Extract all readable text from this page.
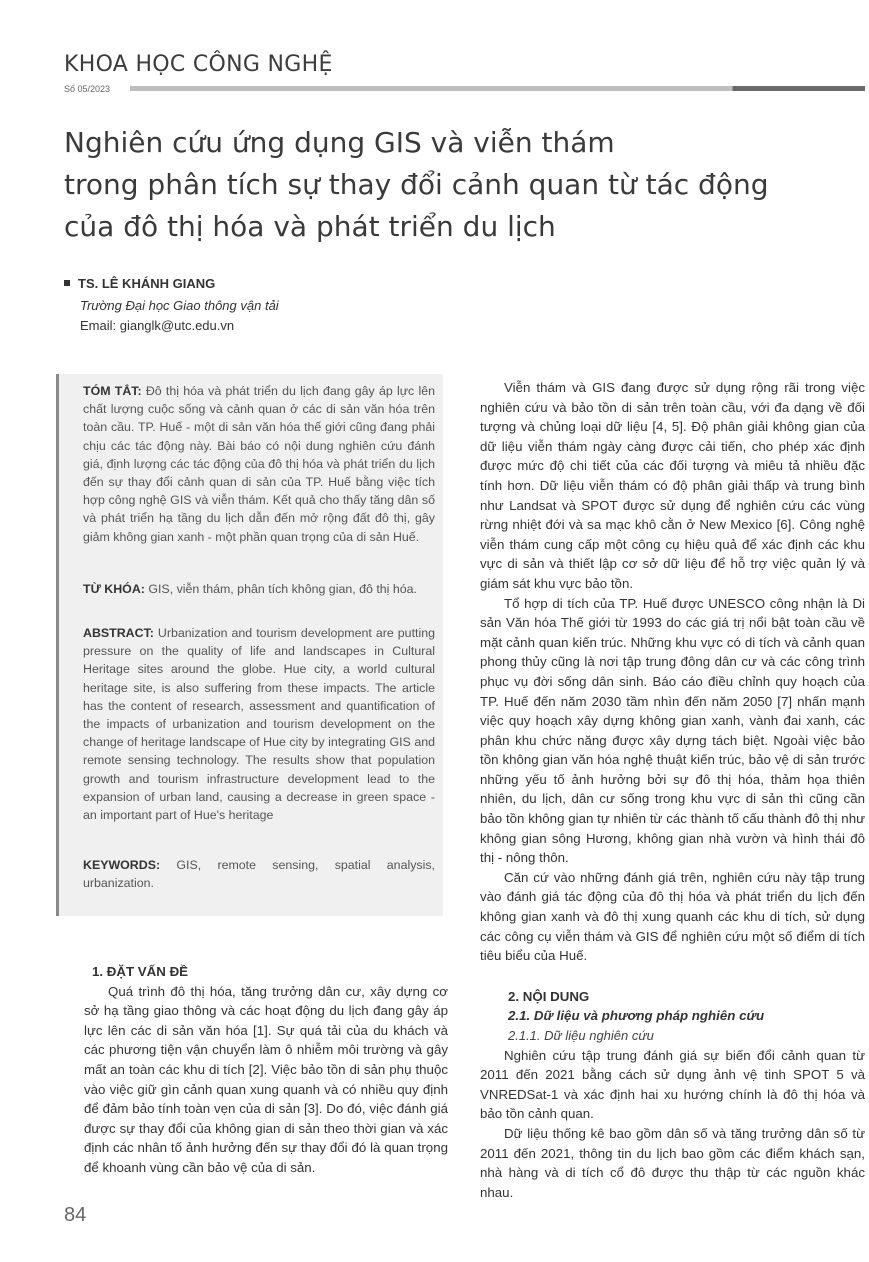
KHOA HỌC CÔNG NGHỆ
Số 05/2023
Nghiên cứu ứng dụng GIS và viễn thám
trong phân tích sự thay đổi cảnh quan từ tác động
của đô thị hóa và phát triển du lịch
TS. LÊ KHÁNH GIANG
Trường Đại học Giao thông vận tải
Email: gianglk@utc.edu.vn

TÓM TẮT: Đô thị hóa và phát triển du lịch đang gây áp lực lên chất lượng cuộc sống và cảnh quan ở các di sản văn hóa trên toàn cầu. TP. Huế - một di sản văn hóa thế giới cũng đang phải chịu các tác động này. Bài báo có nội dung nghiên cứu đánh giá, định lượng các tác động của đô thị hóa và phát triển du lịch đến sự thay đổi cảnh quan di sản của TP. Huế bằng việc tích hợp công nghệ GIS và viễn thám. Kết quả cho thấy tăng dân số và phát triển hạ tầng du lịch dẫn đến mở rộng đất đô thị, gây giảm không gian xanh - một phần quan trọng của di sản Huế.

TỪ KHÓA: GIS, viễn thám, phân tích không gian, đô thị hóa.

ABSTRACT: Urbanization and tourism development are putting pressure on the quality of life and landscapes in Cultural Heritage sites around the globe. Hue city, a world cultural heritage site, is also suffering from these impacts. The article has the content of research, assessment and quantification of the impacts of urbanization and tourism development on the change of heritage landscape of Hue city by integrating GIS and remote sensing technology. The results show that population growth and tourism infrastructure development lead to the expansion of urban land, causing a decrease in green space - an important part of Hue's heritage

KEYWORDS: GIS, remote sensing, spatial analysis, urbanization.

1. ĐẶT VẤN ĐỀ

Quá trình đô thị hóa, tăng trưởng dân cư, xây dựng cơ sở hạ tầng giao thông và các hoạt động du lịch đang gây áp lực lên các di sản văn hóa [1]. Sự quá tải của du khách và các phương tiện vận chuyển làm ô nhiễm môi trường và gây mất an toàn các khu di tích [2]. Việc bảo tồn di sản phụ thuộc vào việc giữ gìn cảnh quan xung quanh và có nhiều quy định để đảm bảo tính toàn vẹn của di sản [3]. Do đó, việc đánh giá được sự thay đổi của không gian di sản theo thời gian và xác định các nhân tố ảnh hưởng đến sự thay đổi đó là quan trọng để khoanh vùng cần bảo vệ của di sản.

Viễn thám và GIS đang được sử dụng rộng rãi trong việc nghiên cứu và bảo tồn di sản trên toàn cầu, với đa dạng về đối tượng và chủng loại dữ liệu [4, 5]. Độ phân giải không gian của dữ liệu viễn thám ngày càng được cải tiến, cho phép xác định được mức độ chi tiết của các đối tượng và miêu tả nhiều đặc tính hơn. Dữ liệu viễn thám có độ phân giải thấp và trung bình như Landsat và SPOT được sử dụng để nghiên cứu các vùng rừng nhiệt đới và sa mạc khô cằn ở New Mexico [6]. Công nghệ viễn thám cung cấp một công cụ hiệu quả để xác định các khu vực di sản và thiết lập cơ sở dữ liệu để hỗ trợ việc quản lý và giám sát khu vực bảo tồn.

Tổ hợp di tích của TP. Huế được UNESCO công nhận là Di sản Văn hóa Thế giới từ 1993 do các giá trị nổi bật toàn cầu về mặt cảnh quan kiến trúc. Những khu vực có di tích và cảnh quan phong thủy cũng là nơi tập trung đông dân cư và các công trình phục vụ đời sống dân sinh. Báo cáo điều chỉnh quy hoạch của TP. Huế đến năm 2030 tầm nhìn đến năm 2050 [7] nhấn mạnh việc quy hoạch xây dựng không gian xanh, vành đai xanh, các phân khu chức năng được xây dựng tách biệt. Ngoài việc bảo tồn không gian văn hóa nghệ thuật kiến trúc, bảo vệ di sản trước những yếu tố ảnh hưởng bởi sự đô thị hóa, thảm họa thiên nhiên, du lịch, dân cư sống trong khu vực di sản thì cũng cần bảo tồn không gian tự nhiên từ các thành tố cấu thành đô thị như không gian sông Hương, không gian nhà vườn và hình thái đô thị - nông thôn.

Căn cứ vào những đánh giá trên, nghiên cứu này tập trung vào đánh giá tác động của đô thị hóa và phát triển du lịch đến không gian xanh và đô thị xung quanh các khu di tích, sử dụng các công cụ viễn thám và GIS để nghiên cứu một số điểm di tích tiêu biểu của Huế.

2. NỘI DUNG
2.1. Dữ liệu và phương pháp nghiên cứu
2.1.1. Dữ liệu nghiên cứu

Nghiên cứu tập trung đánh giá sự biến đổi cảnh quan từ 2011 đến 2021 bằng cách sử dụng ảnh vệ tinh SPOT 5 và VNREDSat-1 và xác định hai xu hướng chính là đô thị hóa và bảo tồn cảnh quan.

Dữ liệu thống kê bao gồm dân số và tăng trưởng dân số từ 2011 đến 2021, thông tin du lịch bao gồm các điểm khách sạn, nhà hàng và di tích cổ đô được thu thập từ các nguồn khác nhau.

84
